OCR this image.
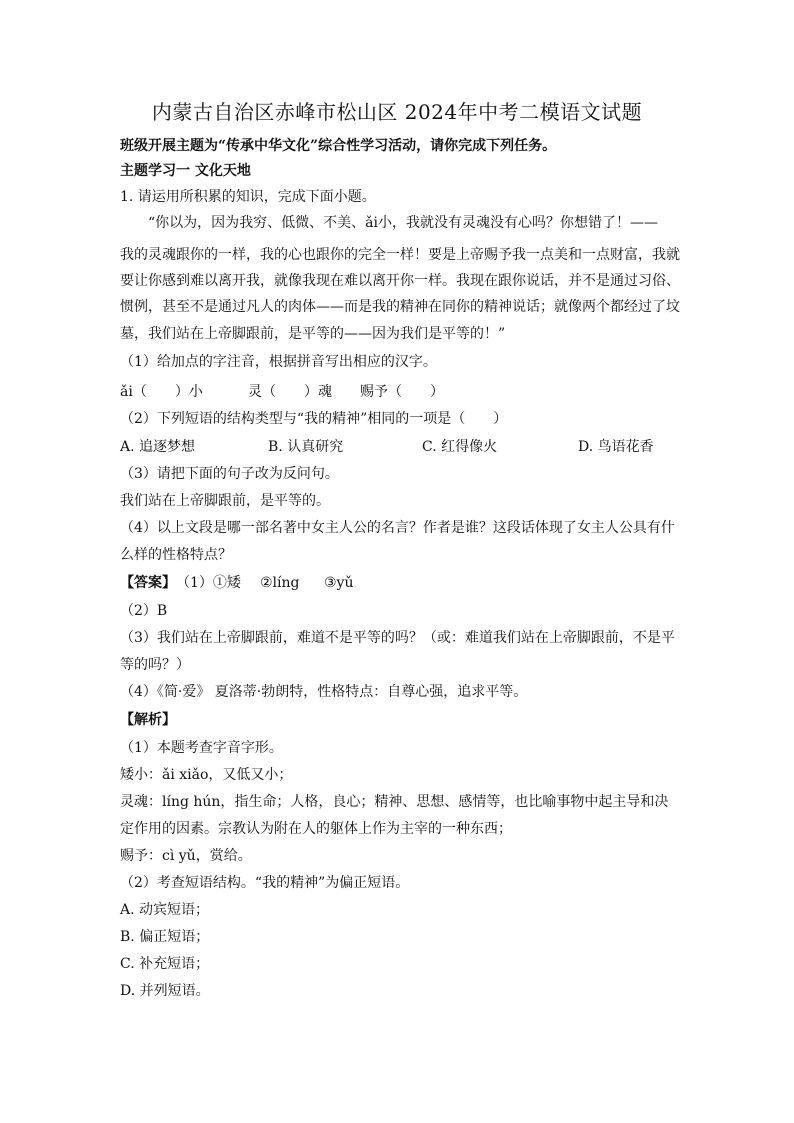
内蒙古自治区赤峰市松山区 2024年中考二模语文试题
班级开展主题为“传承中华文化”综合性学习活动，请你完成下列任务。
主题学习一 文化天地
1. 请运用所积累的知识，完成下面小题。
“你以为，因为我穷、低微、不美、ǎi小，我就没有灵魂没有心吗？你想错了！——
我的灵魂跟你的一样，我的心也跟你的完全一样！要是上帝赐予我一点美和一点财富，我就
要让你感到难以离开我，就像我现在难以离开你一样。我现在跟你说话，并不是通过习俗、
惯例，甚至不是通过凡人的肉体——而是我的精神在同你的精神说话；就像两个都经过了坟
墓，我们站在上帝脚跟前，是平等的——因为我们是平等的！”
（1）给加点的字注音，根据拼音写出相应的汉字。
ǎi（　　）小	灵（　　）魂 赐予（　　）
（2）下列短语的结构类型与“我的精神”相同的一项是（　　）
A. 追逐梦想	B. 认真研究	C. 红得像火	D. 鸟语花香
（3）请把下面的句子改为反问句。
我们站在上帝脚跟前，是平等的。
（4）以上文段是哪一部名著中女主人公的名言？作者是谁？这段话体现了女主人公具有什
么样的性格特点？
【答案】 （1）①矮 ②líng ③yǔ
（2）B
（3）我们站在上帝脚跟前，难道不是平等的吗？（或：难道我们站在上帝脚跟前，不是平
等的吗？）
（4）《简·爱》 夏洛蒂·勃朗特，性格特点：自尊心强，追求平等。
【解析】
（1）本题考查字音字形。
矮小：ǎi xiǎo，又低又小；
灵魂：líng hún，指生命；人格，良心；精神、思想、感情等，也比喻事物中起主导和决
定作用的因素。宗教认为附在人的躯体上作为主宰的一种东西；
赐予：cì yǔ，赏给。
（2）考查短语结构。“我的精神”为偏正短语。
A. 动宾短语；
B. 偏正短语；
C. 补充短语；
D. 并列短语。
